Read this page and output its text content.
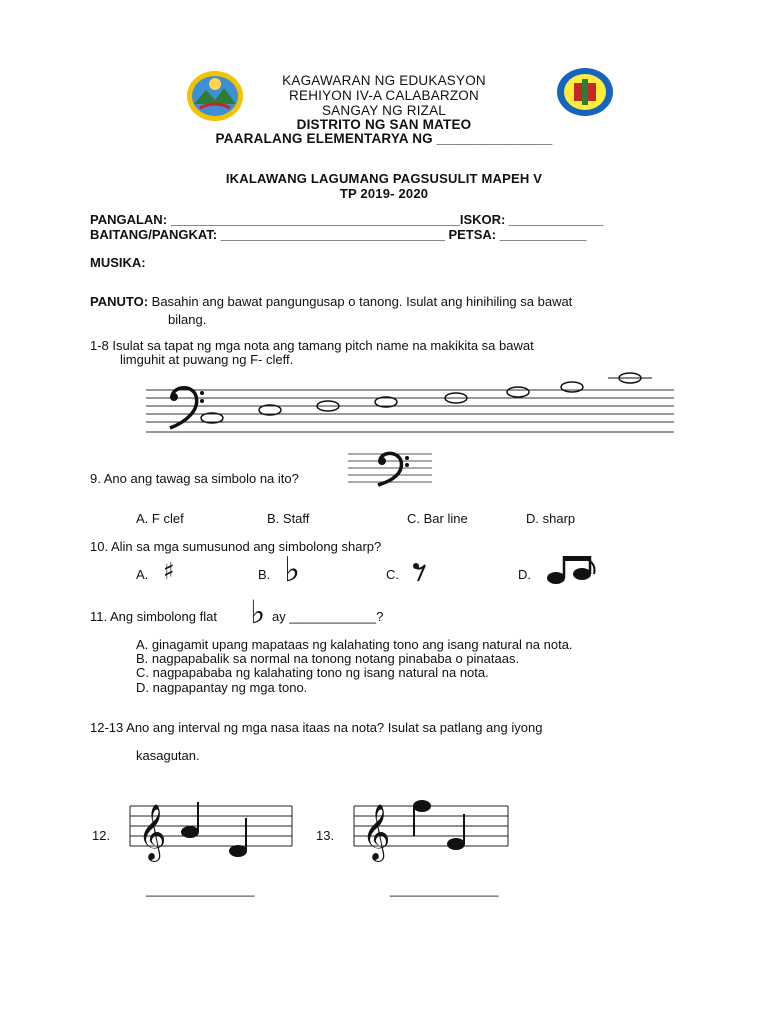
KAGAWARAN NG EDUKASYON
REHIYON IV-A CALABARZON
SANGAY NG RIZAL
DISTRITO NG SAN MATEO
PAARALANG ELEMENTARYA NG _______________
IKALAWANG LAGUMANG PAGSUSULIT MAPEH V
TP 2019- 2020
PANGALAN: ________________________________________ISKOR: _____________
BAITANG/PANGKAT: _______________________________ PETSA: ____________
MUSIKA:
PANUTO: Basahin ang bawat pangungusap o tanong. Isulat ang hinihiling sa bawat
bilang.
1-8 Isulat sa tapat ng mga nota ang tamang pitch name na makikita sa bawat
limguhit at puwang ng F- cleff.
9. Ano ang tawag sa simbolo na ito?
A. F clef	B. Staff	C. Bar line	D. sharp
10. Alin sa mga sumusunod ang simbolong sharp?
A. ♯	B. ♭	C.	D.
11. Ang simbolong flat ♭ ay ____________?
A. ginagamit upang mapataas ng kalahating tono ang isang natural na nota.
B. nagpapabalik sa normal na tonong notang pinababa o pinataas.
C. nagpapababa ng kalahating tono ng isang natural na nota.
D. nagpapantay ng mga tono.
12-13 Ano ang interval ng mga nasa itaas na nota? Isulat sa patlang ang iyong
kasagutan.
12. 𝄞	13. 𝄞
_______________	_______________
